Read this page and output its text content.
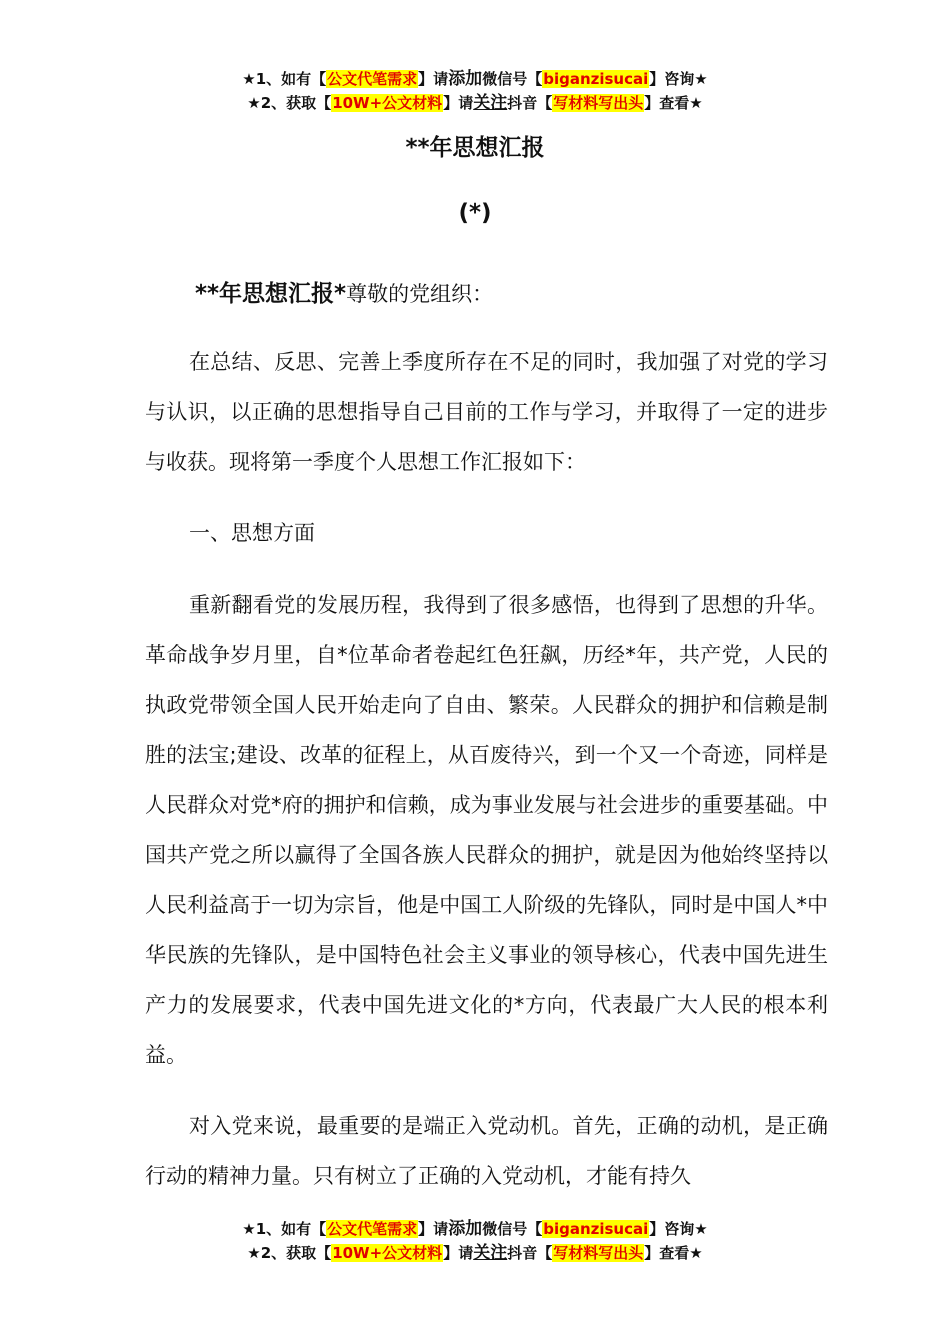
★1、如有【公文代笔需求】请添加微信号【biganzisucai】咨询★
★2、获取【10W+公文材料】请关注抖音【写材料写出头】查看★
**年思想汇报
(*)
**年思想汇报*尊敬的党组织：

在总结、反思、完善上季度所存在不足的同时，我加强了对党的学习与认识，以正确的思想指导自己目前的工作与学习，并取得了一定的进步与收获。现将第一季度个人思想工作汇报如下：

一、思想方面

重新翻看党的发展历程，我得到了很多感悟，也得到了思想的升华。革命战争岁月里，自*位革命者卷起红色狂飙，历经*年，共产党，人民的执政党带领全国人民开始走向了自由、繁荣。人民群众的拥护和信赖是制胜的法宝;建设、改革的征程上，从百废待兴，到一个又一个奇迹，同样是人民群众对党*府的拥护和信赖，成为事业发展与社会进步的重要基础。中国共产党之所以赢得了全国各族人民群众的拥护，就是因为他始终坚持以人民利益高于一切为宗旨，他是中国工人阶级的先锋队，同时是中国人*中华民族的先锋队，是中国特色社会主义事业的领导核心，代表中国先进生产力的发展要求，代表中国先进文化的*方向，代表最广大人民的根本利益。

对入党来说，最重要的是端正入党动机。首先，正确的动机，是正确行动的精神力量。只有树立了正确的入党动机，才能有持久

★1、如有【公文代笔需求】请添加微信号【biganzisucai】咨询★
★2、获取【10W+公文材料】请关注抖音【写材料写出头】查看★
